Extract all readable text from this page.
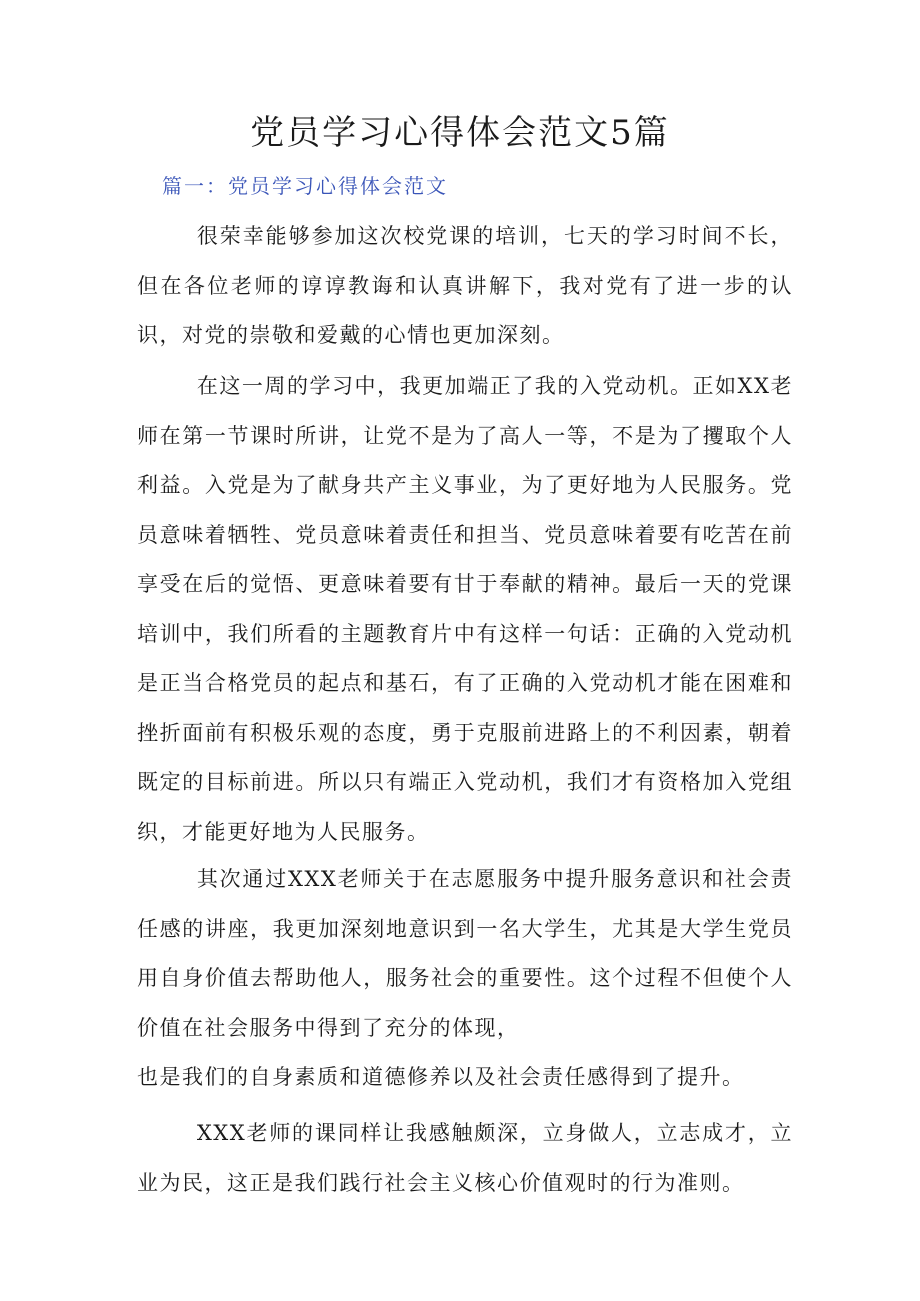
党员学习心得体会范文5篇
篇一：党员学习心得体会范文

很荣幸能够参加这次校党课的培训，七天的学习时间不长，但在各位老师的谆谆教诲和认真讲解下，我对党有了进一步的认识，对党的崇敬和爱戴的心情也更加深刻。

在这一周的学习中，我更加端正了我的入党动机。正如XX老师在第一节课时所讲，让党不是为了高人一等，不是为了攫取个人利益。入党是为了献身共产主义事业，为了更好地为人民服务。党员意味着牺牲、党员意味着责任和担当、党员意味着要有吃苦在前享受在后的觉悟、更意味着要有甘于奉献的精神。最后一天的党课培训中，我们所看的主题教育片中有这样一句话：正确的入党动机是正当合格党员的起点和基石，有了正确的入党动机才能在困难和挫折面前有积极乐观的态度，勇于克服前进路上的不利因素，朝着既定的目标前进。所以只有端正入党动机，我们才有资格加入党组织，才能更好地为人民服务。

其次通过XXX老师关于在志愿服务中提升服务意识和社会责任感的讲座，我更加深刻地意识到一名大学生，尤其是大学生党员用自身价值去帮助他人，服务社会的重要性。这个过程不但使个人价值在社会服务中得到了充分的体现，

也是我们的自身素质和道德修养以及社会责任感得到了提升。

XXX老师的课同样让我感触颇深，立身做人，立志成才，立业为民，这正是我们践行社会主义核心价值观时的行为准则。
